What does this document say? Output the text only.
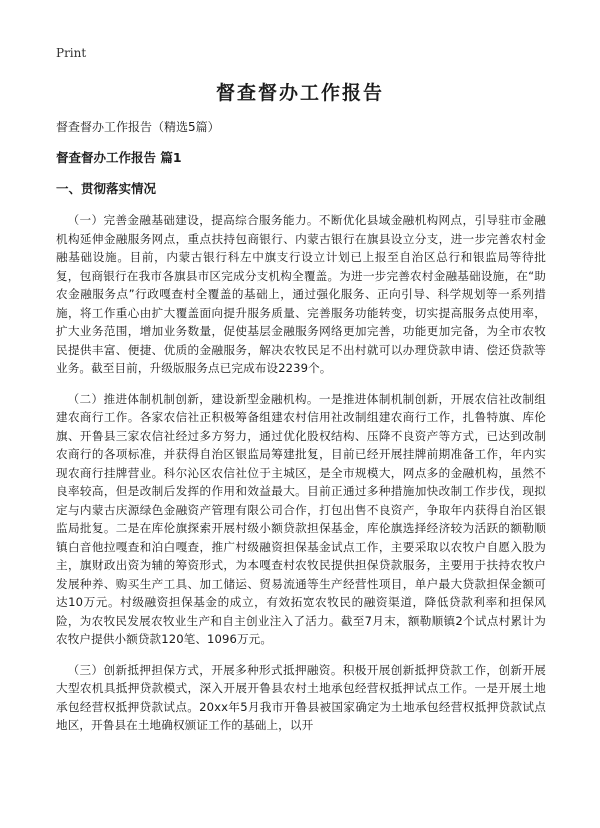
Print
督查督办工作报告

督查督办工作报告（精选5篇）

督查督办工作报告 篇1

一、贯彻落实情况

（一）完善金融基础建设，提高综合服务能力。不断优化县域金融机构网点，引导驻市金融机构延伸金融服务网点，重点扶持包商银行、内蒙古银行在旗县设立分支，进一步完善农村金融基础设施。目前，内蒙古银行科左中旗支行设立计划已上报至自治区总行和银监局等待批复，包商银行在我市各旗县市区完成分支机构全覆盖。为进一步完善农村金融基础设施，在“助农金融服务点”行政嘎查村全覆盖的基础上，通过强化服务、正向引导、科学规划等一系列措施，将工作重心由扩大覆盖面向提升服务质量、完善服务功能转变，切实提高服务点使用率，扩大业务范围，增加业务数量，促使基层金融服务网络更加完善，功能更加完备，为全市农牧民提供丰富、便捷、优质的金融服务，解决农牧民足不出村就可以办理贷款申请、偿还贷款等业务。截至目前，升级版服务点已完成布设2239个。

（二）推进体制机制创新，建设新型金融机构。一是推进体制机制创新，开展农信社改制组建农商行工作。各家农信社正积极筹备组建农村信用社改制组建农商行工作，扎鲁特旗、库伦旗、开鲁县三家农信社经过多方努力，通过优化股权结构、压降不良资产等方式，已达到改制农商行的各项标准，并获得自治区银监局筹建批复，目前已经开展挂牌前期准备工作，年内实现农商行挂牌营业。科尔沁区农信社位于主城区，是全市规模大，网点多的金融机构，虽然不良率较高，但是改制后发挥的作用和效益最大。目前正通过多种措施加快改制工作步伐，现拟定与内蒙古庆源绿色金融资产管理有限公司合作，打包出售不良资产，争取年内获得自治区银监局批复。二是在库伦旗探索开展村级小额贷款担保基金，库伦旗选择经济较为活跃的额勒顺镇白音他拉嘎查和泊白嘎查，推广村级融资担保基金试点工作，主要采取以农牧户自愿入股为主，旗财政出资为辅的筹资形式，为本嘎查村农牧民提供担保贷款服务，主要用于扶持农牧户发展种养、购买生产工具、加工储运、贸易流通等生产经营性项目，单户最大贷款担保金额可达10万元。村级融资担保基金的成立，有效拓宽农牧民的融资渠道，降低贷款利率和担保风险，为农牧民发展农牧业生产和自主创业注入了活力。截至7月末，额勒顺镇2个试点村累计为农牧户提供小额贷款120笔、1096万元。

（三）创新抵押担保方式，开展多种形式抵押融资。积极开展创新抵押贷款工作，创新开展大型农机具抵押贷款模式，深入开展开鲁县农村土地承包经营权抵押试点工作。一是开展土地承包经营权抵押贷款试点。20xx年5月我市开鲁县被国家确定为土地承包经营权抵押贷款试点地区，开鲁县在土地确权颁证工作的基础上，以开
